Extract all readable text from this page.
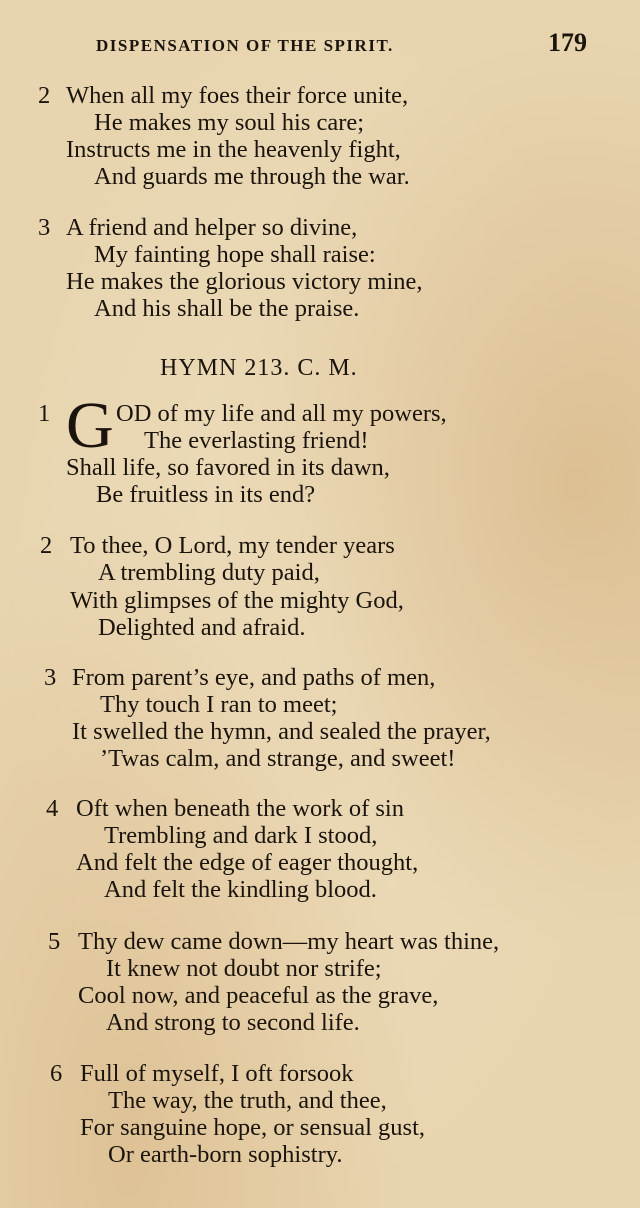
DISPENSATION OF THE SPIRIT.	179
2 When all my foes their force unite,
He makes my soul his care;
Instructs me in the heavenly fight,
And guards me through the war.
3 A friend and helper so divine,
My fainting hope shall raise:
He makes the glorious victory mine,
And his shall be the praise.
HYMN 213. C. M.
1 G OD of my life and all my powers,
The everlasting friend!
Shall life, so favored in its dawn,
Be fruitless in its end?
2 To thee, O Lord, my tender years
A trembling duty paid,
With glimpses of the mighty God,
Delighted and afraid.
3 From parent’s eye, and paths of men,
Thy touch I ran to meet;
It swelled the hymn, and sealed the prayer,
’Twas calm, and strange, and sweet!
4 Oft when beneath the work of sin
Trembling and dark I stood,
And felt the edge of eager thought,
And felt the kindling blood.
5 Thy dew came down—my heart was thine,
It knew not doubt nor strife;
Cool now, and peaceful as the grave,
And strong to second life.
6 Full of myself, I oft forsook
The way, the truth, and thee,
For sanguine hope, or sensual gust,
Or earth-born sophistry.
